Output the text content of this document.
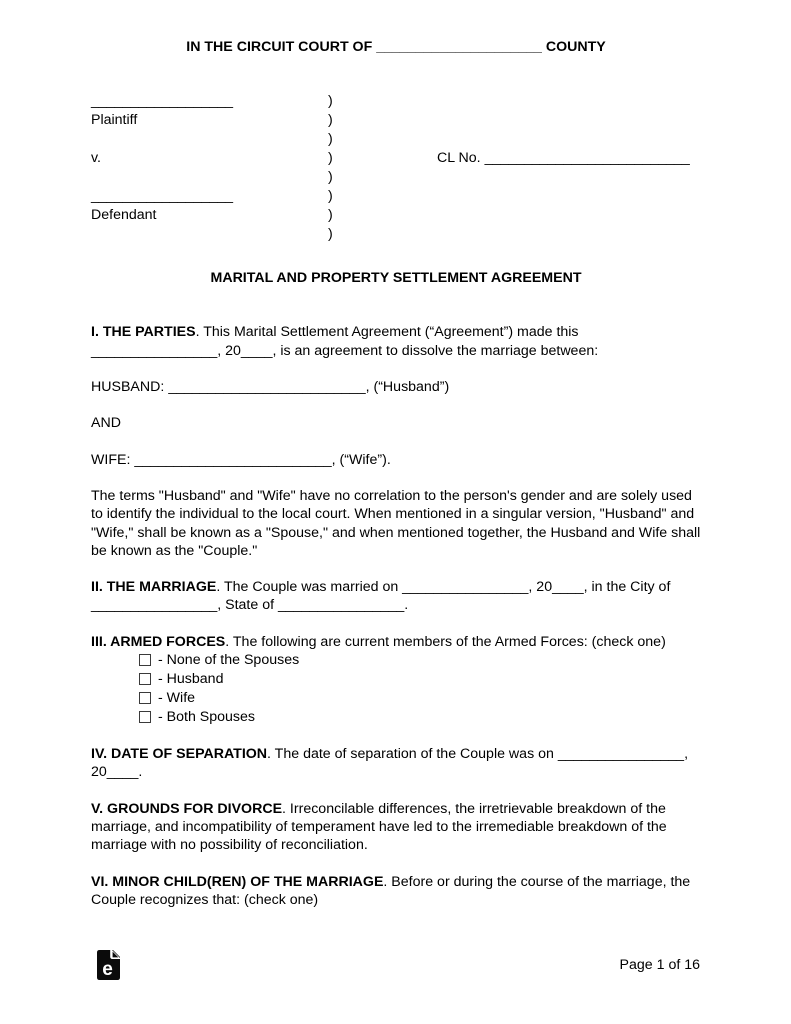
IN THE CIRCUIT COURT OF _____________________ COUNTY
__________________
Plaintiff
v.
__________________
Defendant
)
)
)
)
)
)
)
)
CL No. __________________________
MARITAL AND PROPERTY SETTLEMENT AGREEMENT

I. THE PARTIES. This Marital Settlement Agreement (“Agreement”) made this ________________, 20____, is an agreement to dissolve the marriage between:

HUSBAND: _________________________, (“Husband”)

AND

WIFE: _________________________, (“Wife”).

The terms "Husband" and "Wife" have no correlation to the person's gender and are solely used to identify the individual to the local court. When mentioned in a singular version, "Husband" and "Wife," shall be known as a "Spouse," and when mentioned together, the Husband and Wife shall be known as the "Couple."

II. THE MARRIAGE. The Couple was married on ________________, 20____, in the City of ________________, State of ________________.

III. ARMED FORCES. The following are current members of the Armed Forces: (check one)

- None of the Spouses
- Husband
- Wife
- Both Spouses

IV. DATE OF SEPARATION. The date of separation of the Couple was on ________________, 20____.

V. GROUNDS FOR DIVORCE. Irreconcilable differences, the irretrievable breakdown of the marriage, and incompatibility of temperament have led to the irremediable breakdown of the marriage with no possibility of reconciliation.

VI. MINOR CHILD(REN) OF THE MARRIAGE. Before or during the course of the marriage, the Couple recognizes that: (check one)

e	Page 1 of 16
